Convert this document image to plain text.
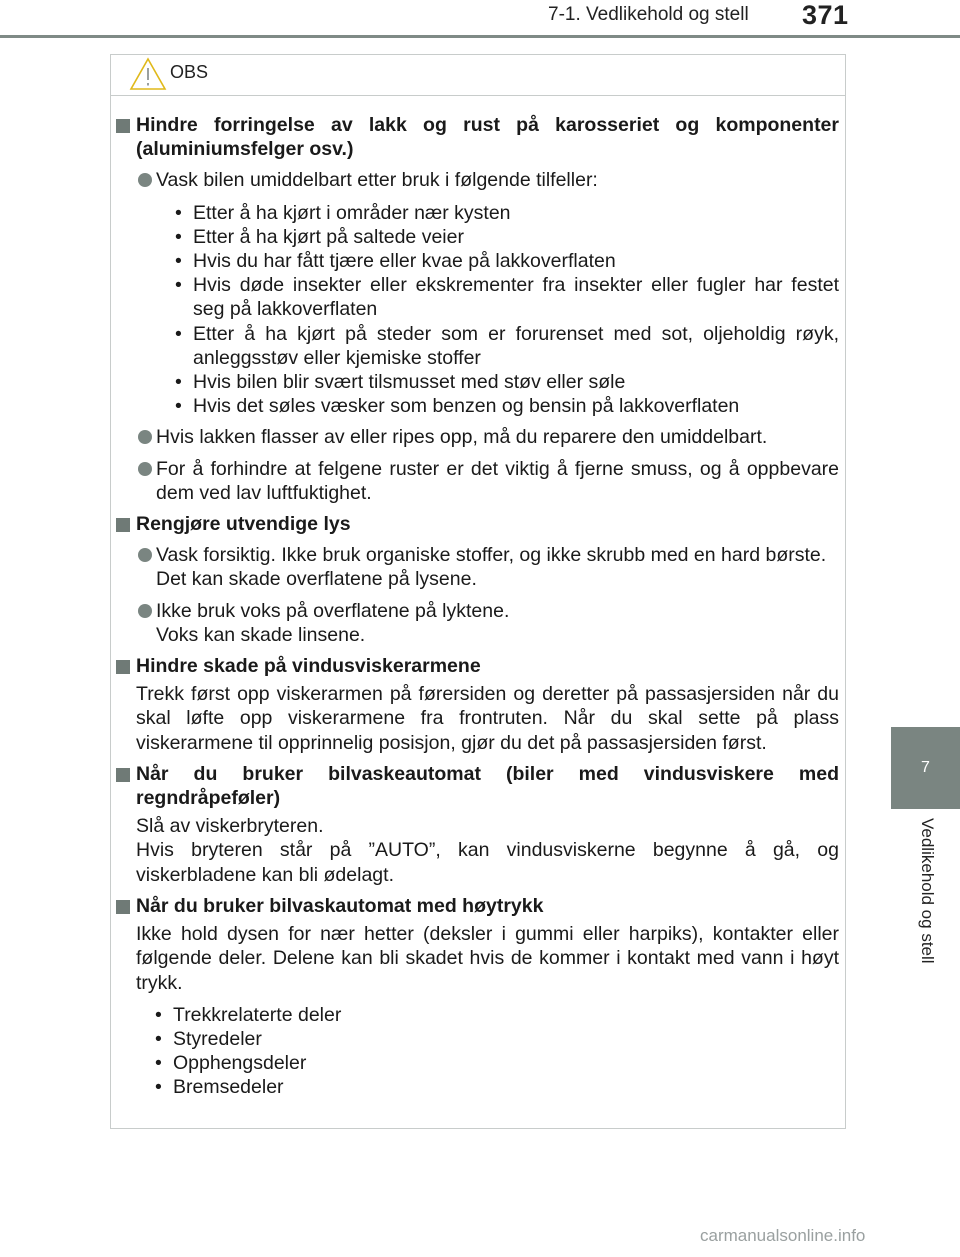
7-1. Vedlikehold og stell 371
7
Vedlikehold og stell
OBS
Hindre forringelse av lakk og rust på karosseriet og komponenter (aluminiumsfelger osv.)
Vask bilen umiddelbart etter bruk i følgende tilfeller:
• Etter å ha kjørt i områder nær kysten
• Etter å ha kjørt på saltede veier
• Hvis du har fått tjære eller kvae på lakkoverflaten
• Hvis døde insekter eller ekskrementer fra insekter eller fugler har festet seg på lakkoverflaten
• Etter å ha kjørt på steder som er forurenset med sot, oljeholdig røyk, anleggsstøv eller kjemiske stoffer
• Hvis bilen blir svært tilsmusset med støv eller søle
• Hvis det søles væsker som benzen og bensin på lakkoverflaten
Hvis lakken flasser av eller ripes opp, må du reparere den umiddelbart.
For å forhindre at felgene ruster er det viktig å fjerne smuss, og å oppbevare dem ved lav luftfuktighet.
Rengjøre utvendige lys
Vask forsiktig. Ikke bruk organiske stoffer, og ikke skrubb med en hard børste.
Det kan skade overflatene på lysene.
Ikke bruk voks på overflatene på lyktene.
Voks kan skade linsene.
Hindre skade på vindusviskerarmene
Trekk først opp viskerarmen på førersiden og deretter på passasjersiden når du skal løfte opp viskerarmene fra frontruten. Når du skal sette på plass viskerarmene til opprinnelig posisjon, gjør du det på passasjersiden først.
Når du bruker bilvaskeautomat (biler med vindusviskere med regndråpeføler)
Slå av viskerbryteren.
Hvis bryteren står på ”AUTO”, kan vindusviskerne begynne å gå, og viskerbladene kan bli ødelagt.
Når du bruker bilvaskautomat med høytrykk
Ikke hold dysen for nær hetter (deksler i gummi eller harpiks), kontakter eller følgende deler. Delene kan bli skadet hvis de kommer i kontakt med vann i høyt trykk.
• Trekkrelaterte deler
• Styredeler
• Opphengsdeler
• Bremsedeler
carmanualsonline.info
